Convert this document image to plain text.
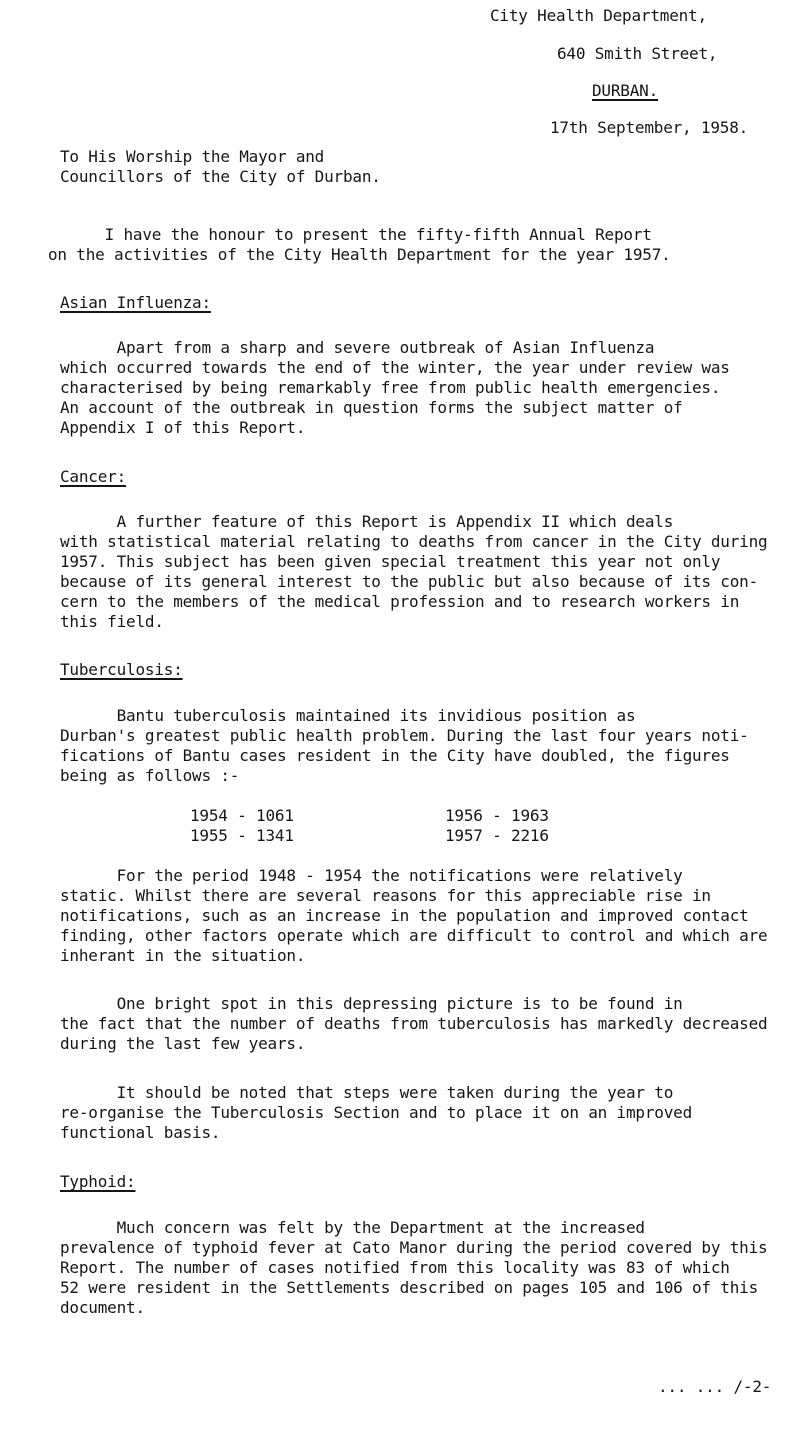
City Health Department,
640 Smith Street,
DURBAN.
17th September, 1958.
To His Worship the Mayor and
Councillors of the City of Durban.
I have the honour to present the fifty-fifth Annual Report
on the activities of the City Health Department for the year 1957.
Asian Influenza:
Apart from a sharp and severe outbreak of Asian Influenza
which occurred towards the end of the winter, the year under review was
characterised by being remarkably free from public health emergencies.
An account of the outbreak in question forms the subject matter of
Appendix I of this Report.
Cancer:
A further feature of this Report is Appendix II which deals
with statistical material relating to deaths from cancer in the City during
1957. This subject has been given special treatment this year not only
because of its general interest to the public but also because of its con-
cern to the members of the medical profession and to research workers in
this field.
Tuberculosis:
Bantu tuberculosis maintained its invidious position as
Durban's greatest public health problem. During the last four years noti-
fications of Bantu cases resident in the City have doubled, the figures
being as follows :-
1954 - 1061
1955 - 1341
1956 - 1963
1957 - 2216
For the period 1948 - 1954 the notifications were relatively
static. Whilst there are several reasons for this appreciable rise in
notifications, such as an increase in the population and improved contact
finding, other factors operate which are difficult to control and which are
inherant in the situation.
One bright spot in this depressing picture is to be found in
the fact that the number of deaths from tuberculosis has markedly decreased
during the last few years.
It should be noted that steps were taken during the year to
re-organise the Tuberculosis Section and to place it on an improved
functional basis.
Typhoid:
Much concern was felt by the Department at the increased
prevalence of typhoid fever at Cato Manor during the period covered by this
Report. The number of cases notified from this locality was 83 of which
52 were resident in the Settlements described on pages 105 and 106 of this
document.
... ... /-2-
